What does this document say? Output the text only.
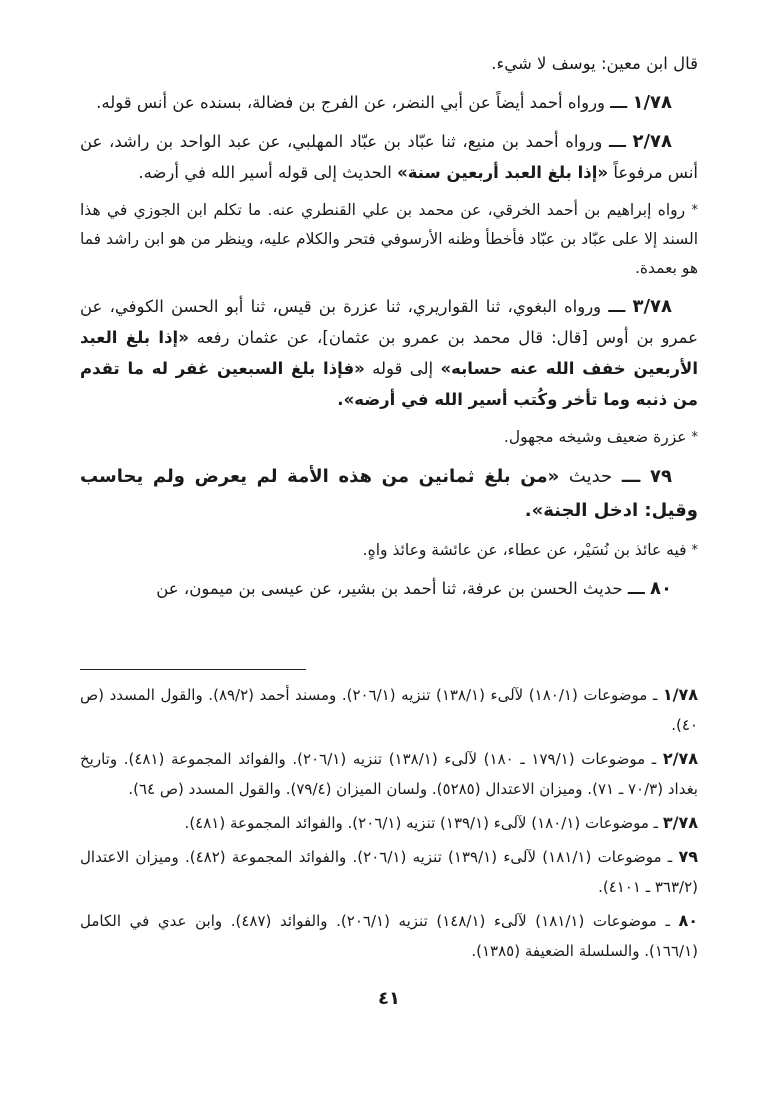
قال ابن معين: يوسف لا شيء.

١/٧٨ ـــ ورواه أحمد أيضاً عن أبي النضر، عن الفرج بن فضالة، بسنده عن أنس قوله.

٢/٧٨ ـــ ورواه أحمد بن منيع، ثنا عبّاد بن عبّاد المهلبي، عن عبد الواحد بن راشد، عن أنس مرفوعاً «إذا بلغ العبد أربعين سنة» الحديث إلى قوله أسير الله في أرضه.

* رواه إبراهيم بن أحمد الخرقي، عن محمد بن علي القنطري عنه. ما تكلم ابن الجوزي في هذا السند إلا على عبّاد بن عبّاد فأخطأ وظنه الأرسوفي فتحر والكلام عليه، وينظر من هو ابن راشد فما هو بعمدة.

٣/٧٨ ـــ ورواه البغوي، ثنا القواريري، ثنا عزرة بن قيس، ثنا أبو الحسن الكوفي، عن عمرو بن أوس [قال: قال محمد بن عمرو بن عثمان]، عن عثمان رفعه «إذا بلغ العبد الأربعين خفف الله عنه حسابه» إلى قوله «فإذا بلغ السبعين غفر له ما تقدم من ذنبه وما تأخر وكُتب أسير الله في أرضه».

* عزرة ضعيف وشيخه مجهول.

٧٩ ـــ حديث «من بلغ ثمانين من هذه الأمة لم يعرض ولم يحاسب وقيل: ادخل الجنة».

* فيه عائذ بن نُسَيْر، عن عطاء، عن عائشة وعائذ واهٍ.

٨٠ ـــ حديث الحسن بن عرفة، ثنا أحمد بن بشير، عن عيسى بن ميمون، عن

١/٧٨ ـ موضوعات (١٨٠/١) لآلىء (١٣٨/١) تنزيه (٢٠٦/١). ومسند أحمد (٨٩/٢). والقول المسدد (ص ٤٠).

٢/٧٨ ـ موضوعات (١٧٩/١ ـ ١٨٠) لآلىء (١٣٨/١) تنزيه (٢٠٦/١). والفوائد المجموعة (٤٨١). وتاريخ بغداد (٧٠/٣ ـ ٧١). وميزان الاعتدال (٥٢٨٥). ولسان الميزان (٧٩/٤). والقول المسدد (ص ٦٤).

٣/٧٨ ـ موضوعات (١٨٠/١) لآلىء (١٣٩/١) تنزيه (٢٠٦/١). والفوائد المجموعة (٤٨١).

٧٩ ـ موضوعات (١٨١/١) لآلىء (١٣٩/١) تنزيه (٢٠٦/١). والفوائد المجموعة (٤٨٢). وميزان الاعتدال (٣٦٣/٢ ـ ٤١٠١).

٨٠ ـ موضوعات (١٨١/١) لآلىء (١٤٨/١) تنزيه (٢٠٦/١). والفوائد (٤٨٧). وابن عدي في الكامل (١٦٦/١). والسلسلة الضعيفة (١٣٨٥).

٤١
